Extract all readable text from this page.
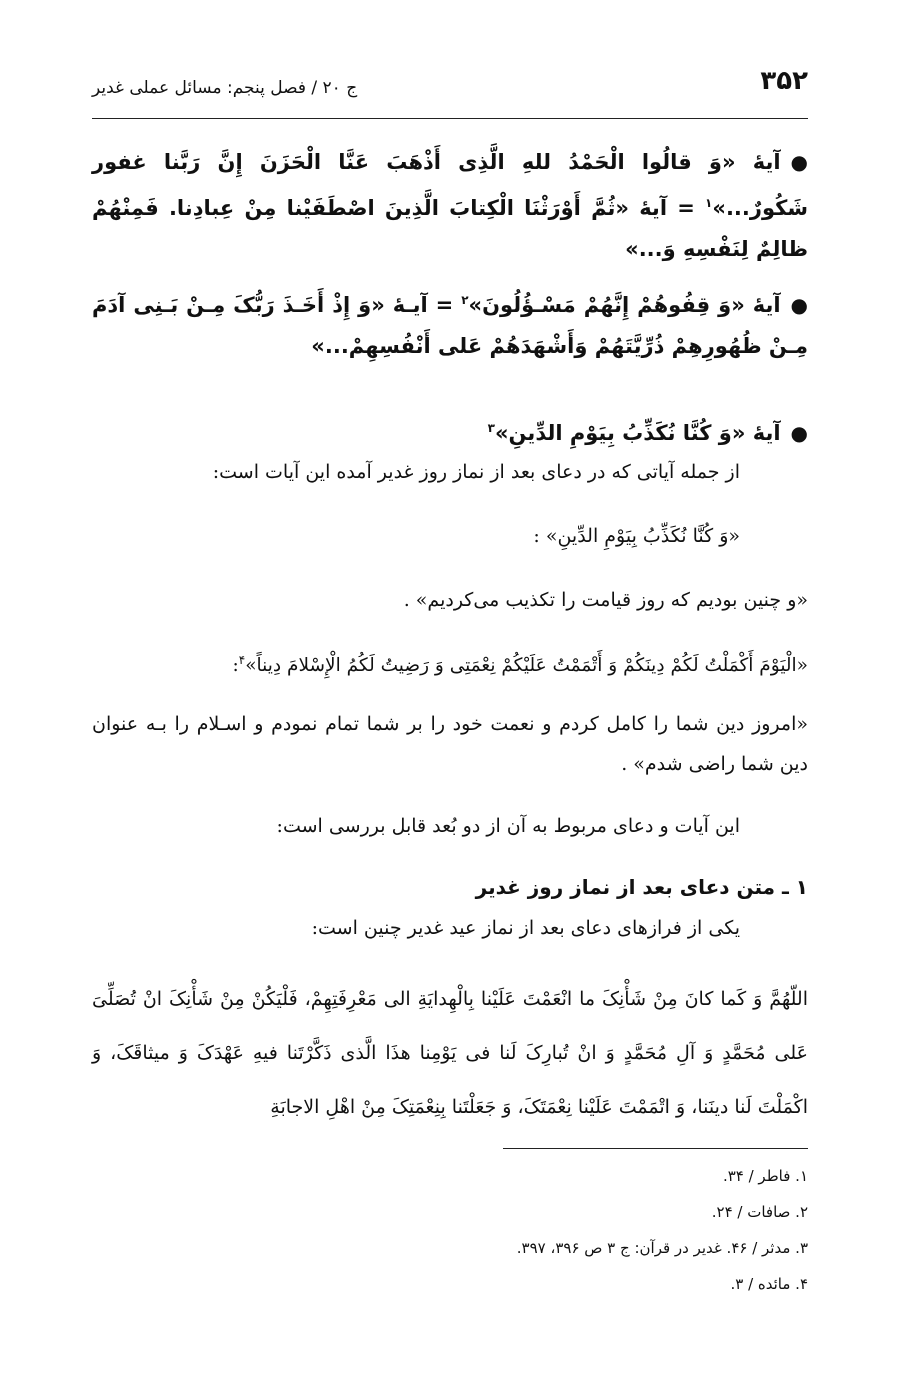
۳۵۲
ج ۲۰ / فصل پنجم: مسائل عملی غدیر
●آیهٔ «وَ قالُوا الْحَمْدُ للهِ الَّذِی أَذْهَبَ عَنَّا الْحَزَنَ إِنَّ رَبَّنا غفور شَکُورٌ...»$^۱$ = آیهٔ «ثُمَّ أَوْرَثْنَا الْکِتابَ الَّذِینَ اصْطَفَیْنا مِنْ عِبادِنا. فَمِنْهُمْ ظالِمٌ لِنَفْسِهِ وَ...»
●آیهٔ «وَ قِفُوهُمْ إِنَّهُمْ مَسْـؤُلُونَ»$^۲$ = آیـهٔ «وَ إِذْ أَخَـذَ رَبُّکَ مِـنْ بَـنِی آدَمَ مِـنْ ظُهُورِهِمْ ذُرِّیَّتَهُمْ وَأَشْهَدَهُمْ عَلی أَنْفُسِهِمْ...»
●آیهٔ «وَ کُنَّا نُکَذِّبُ بِیَوْمِ الدِّینِ»$^۳$
از جمله آیاتی که در دعای بعد از نماز روز غدیر آمده این آیات است:
«وَ کُنَّا نُکَذِّبُ بِیَوْمِ الدِّینِ» :
«و چنین بودیم که روز قیامت را تکذیب می‌کردیم» .
«الْیَوْمَ أَکْمَلْتُ لَکُمْ دِینَکُمْ وَ أَتْمَمْتُ عَلَیْکُمْ نِعْمَتِی وَ رَضِیتُ لَکُمُ الْإِسْلامَ دِیناً»$^۴$:
«امروز دین شما را کامل کردم و نعمت خود را بر شما تمام نمودم و اسـلام را بـه عنوان دین شما راضی شدم» .
این آیات و دعای مربوط به آن از دو بُعد قابل بررسی است:
۱ ـ متن دعای بعد از نماز روز غدیر
یکی از فرازهای دعای بعد از نماز عید غدیر چنین است:
اللّهُمَّ وَ کَما کانَ مِنْ شَأْنِکَ ما انْعَمْتَ عَلَیْنا بِالْهِدایَةِ الی مَعْرِفَتِهِمْ، فَلْیَکُنْ مِنْ شَأْنِکَ انْ تُصَلِّیَ عَلی مُحَمَّدٍ وَ آلِ مُحَمَّدٍ وَ انْ تُبارِکَ لَنا فی یَوْمِنا هذَا الَّذی ذَکَّرْتَنا فیهِ عَهْدَکَ وَ میثاقَکَ، وَ اکْمَلْتَ لَنا دینَنا، وَ اتْمَمْتَ عَلَیْنا نِعْمَتَکَ، وَ جَعَلْتَنا بِنِعْمَتِکَ مِنْ اهْلِ الاجابَةِ
۱. فاطر / ۳۴.
۲. صافات / ۲۴.
۳. مدثر / ۴۶. غدیر در قرآن: ج ۳ ص ۳۹۶، ۳۹۷.
۴. مائده / ۳.
